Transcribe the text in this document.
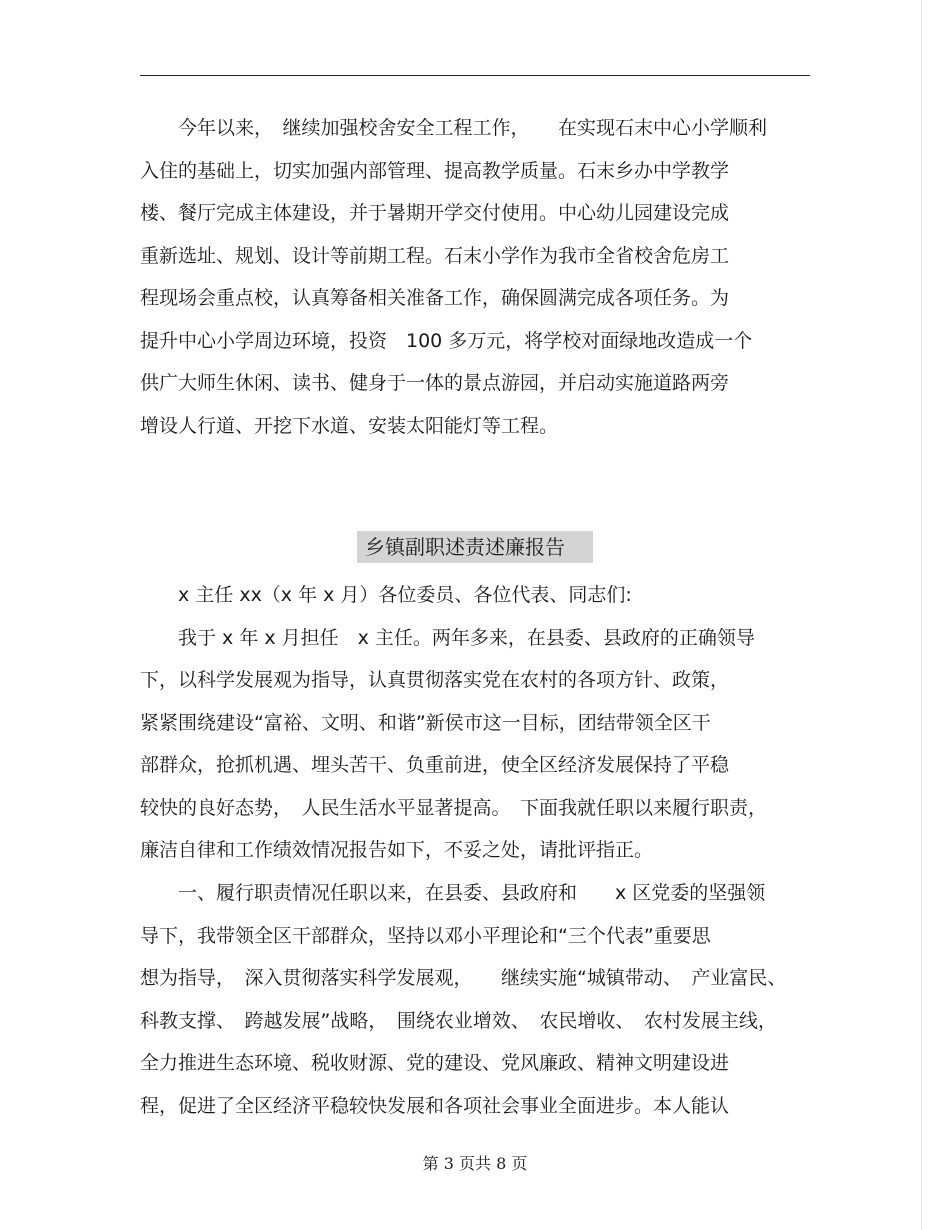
　　今年以来，　继续加强校舍安全工程工作，　　在实现石末中心小学顺利
入住的基础上，切实加强内部管理、提高教学质量。石末乡办中学教学
楼、餐厅完成主体建设，并于暑期开学交付使用。中心幼儿园建设完成
重新选址、规划、设计等前期工程。石末小学作为我市全省校舍危房工
程现场会重点校，认真筹备相关准备工作，确保圆满完成各项任务。为
提升中心小学周边环境，投资　100 多万元，将学校对面绿地改造成一个
供广大师生休闲、读书、健身于一体的景点游园，并启动实施道路两旁
增设人行道、开挖下水道、安装太阳能灯等工程。
乡镇副职述责述廉报告
　　x 主任 xx（x 年 x 月）各位委员、各位代表、同志们:
　　我于 x 年 x 月担任　x 主任。两年多来，在县委、县政府的正确领导
下，以科学发展观为指导，认真贯彻落实党在农村的各项方针、政策，
紧紧围绕建设“富裕、文明、和谐”新侯市这一目标，团结带领全区干
部群众，抢抓机遇、埋头苦干、负重前进，使全区经济发展保持了平稳
较快的良好态势，　人民生活水平显著提高。　下面我就任职以来履行职责，
廉洁自律和工作绩效情况报告如下，不妥之处，请批评指正。
　　一、履行职责情况任职以来，在县委、县政府和　　x 区党委的坚强领
导下，我带领全区干部群众，坚持以邓小平理论和“三个代表”重要思
想为指导，　深入贯彻落实科学发展观，　　继续实施“城镇带动、　产业富民、
科教支撑、　跨越发展”战略，　围绕农业增效、　农民增收、　农村发展主线，
全力推进生态环境、税收财源、党的建设、党风廉政、精神文明建设进
程，促进了全区经济平稳较快发展和各项社会事业全面进步。本人能认
第 3 页共 8 页
